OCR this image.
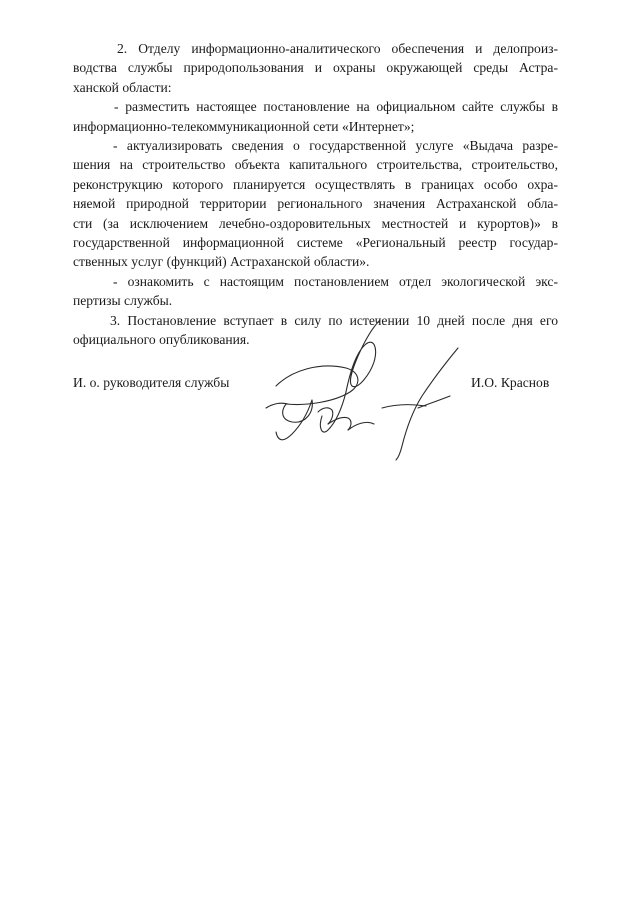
2. Отделу информационно-аналитического обеспечения и делопроиз-
водства службы природопользования и охраны окружающей среды Астра-
ханской области:

- разместить настоящее постановление на официальном сайте службы в
информационно-телекоммуникационной сети «Интернет»;

- актуализировать сведения о государственной услуге «Выдача разре-
шения на строительство объекта капитального строительства, строительство,
реконструкцию которого планируется осуществлять в границах особо охра-
няемой природной территории регионального значения Астраханской обла-
сти (за исключением лечебно-оздоровительных местностей и курортов)» в
государственной информационной системе «Региональный реестр государ-
ственных услуг (функций) Астраханской области».

- ознакомить с настоящим постановлением отдел экологической экс-
пертизы службы.

3. Постановление вступает в силу по истечении 10 дней после дня его
официального опубликования.

И. о. руководителя службы	И.О. Краснов
